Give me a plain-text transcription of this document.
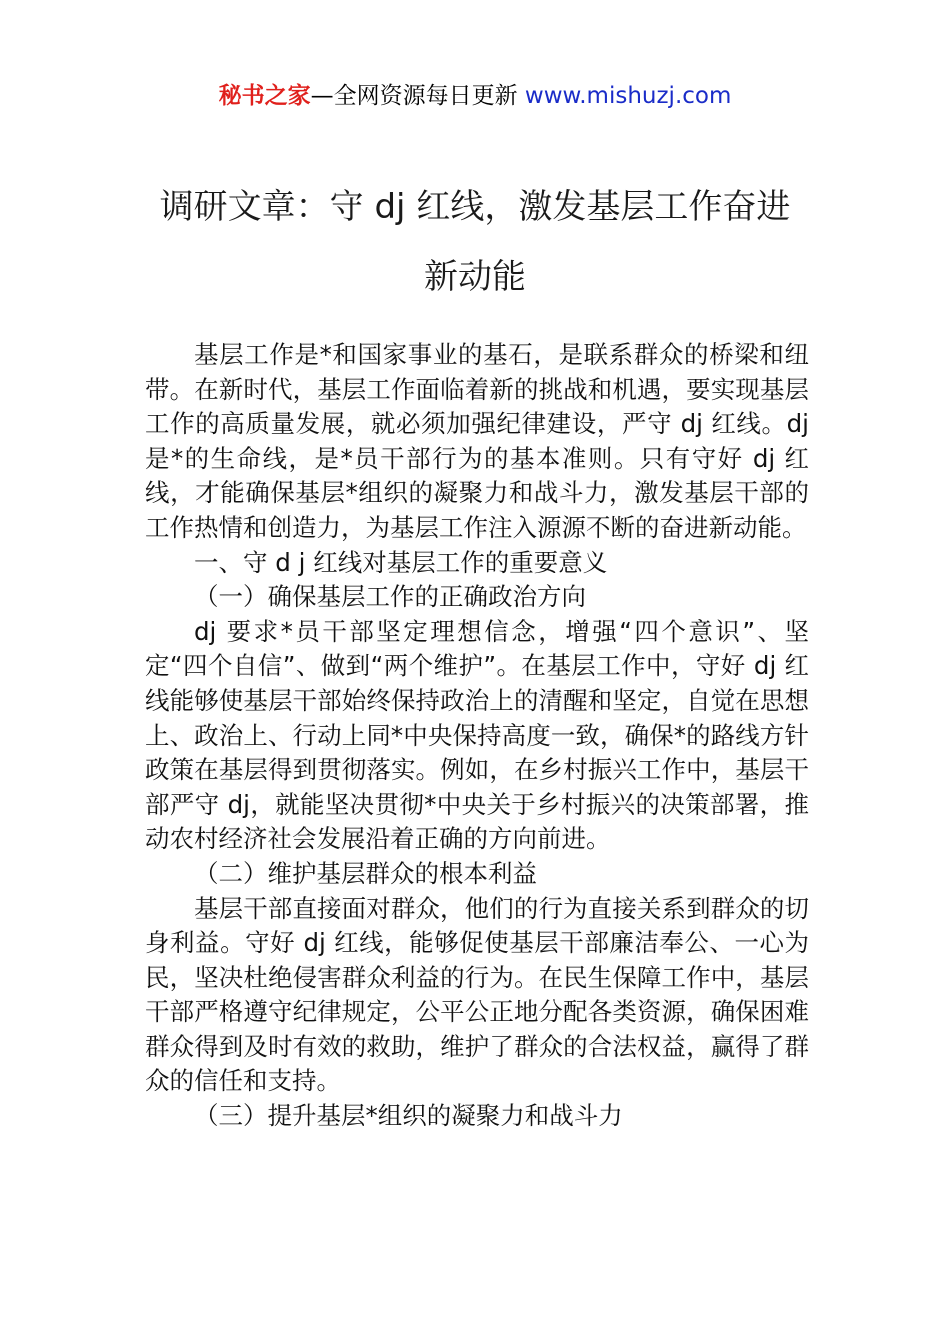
秘书之家—全网资源每日更新 www.mishuzj.com
调研文章：守 dj 红线，激发基层工作奋进
新动能

基层工作是*和国家事业的基石，是联系群众的桥梁和纽带。在新时代，基层工作面临着新的挑战和机遇，要实现基层工作的高质量发展，就必须加强纪律建设，严守 dj 红线。dj 是*的生命线，是*员干部行为的基本准则。只有守好 dj 红线，才能确保基层*组织的凝聚力和战斗力，激发基层干部的工作热情和创造力，为基层工作注入源源不断的奋进新动能。

一、守 d j 红线对基层工作的重要意义

（一）确保基层工作的正确政治方向

dj 要求*员干部坚定理想信念，增强“四个意识”、坚定“四个自信”、做到“两个维护”。在基层工作中，守好 dj 红线能够使基层干部始终保持政治上的清醒和坚定，自觉在思想上、政治上、行动上同*中央保持高度一致，确保*的路线方针政策在基层得到贯彻落实。例如，在乡村振兴工作中，基层干部严守 dj，就能坚决贯彻*中央关于乡村振兴的决策部署，推动农村经济社会发展沿着正确的方向前进。

（二）维护基层群众的根本利益

基层干部直接面对群众，他们的行为直接关系到群众的切身利益。守好 dj 红线，能够促使基层干部廉洁奉公、一心为民，坚决杜绝侵害群众利益的行为。在民生保障工作中，基层干部严格遵守纪律规定，公平公正地分配各类资源，确保困难群众得到及时有效的救助，维护了群众的合法权益，赢得了群众的信任和支持。

（三）提升基层*组织的凝聚力和战斗力
